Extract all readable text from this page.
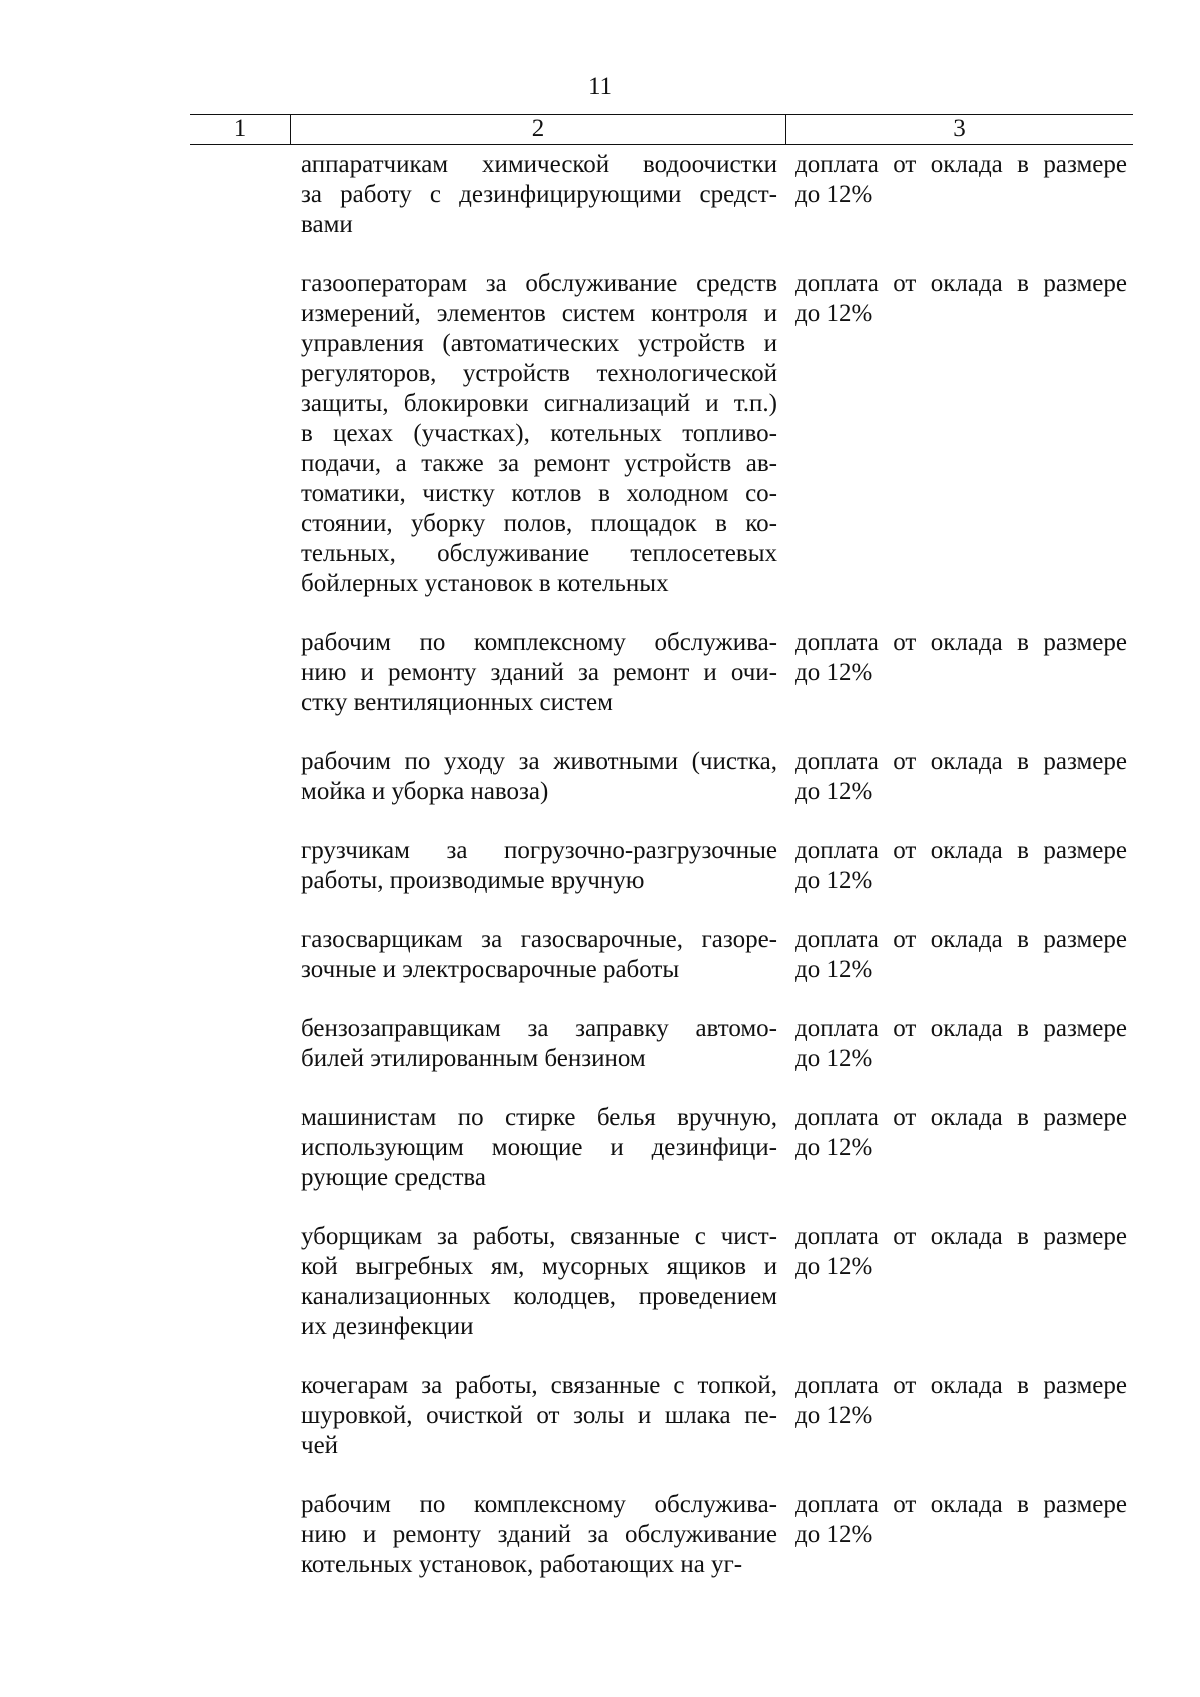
11
1	2	3
аппаратчикам химической водоочистки
за работу с дезинфицирующими средст-
вами
доплата от оклада в размере
до 12%
газооператорам за обслуживание средств
измерений, элементов систем контроля и
управления (автоматических устройств и
регуляторов, устройств технологической
защиты, блокировки сигнализаций и т.п.)
в цехах (участках), котельных топливо-
подачи, а также за ремонт устройств ав-
томатики, чистку котлов в холодном со-
стоянии, уборку полов, площадок в ко-
тельных, обслуживание теплосетевых
бойлерных установок в котельных
доплата от оклада в размере
до 12%
рабочим по комплексному обслужива-
нию и ремонту зданий за ремонт и очи-
стку вентиляционных систем
доплата от оклада в размере
до 12%
рабочим по уходу за животными (чистка,
мойка и уборка навоза)
доплата от оклада в размере
до 12%
грузчикам за погрузочно-разгрузочные
работы, производимые вручную
доплата от оклада в размере
до 12%
газосварщикам за газосварочные, газоре-
зочные и электросварочные работы
доплата от оклада в размере
до 12%
бензозаправщикам за заправку автомо-
билей этилированным бензином
доплата от оклада в размере
до 12%
машинистам по стирке белья вручную,
использующим моющие и дезинфици-
рующие средства
доплата от оклада в размере
до 12%
уборщикам за работы, связанные с чист-
кой выгребных ям, мусорных ящиков и
канализационных колодцев, проведением
их дезинфекции
доплата от оклада в размере
до 12%
кочегарам за работы, связанные с топкой,
шуровкой, очисткой от золы и шлака пе-
чей
доплата от оклада в размере
до 12%
рабочим по комплексному обслужива-
нию и ремонту зданий за обслуживание
котельных установок, работающих на уг-
доплата от оклада в размере
до 12%
